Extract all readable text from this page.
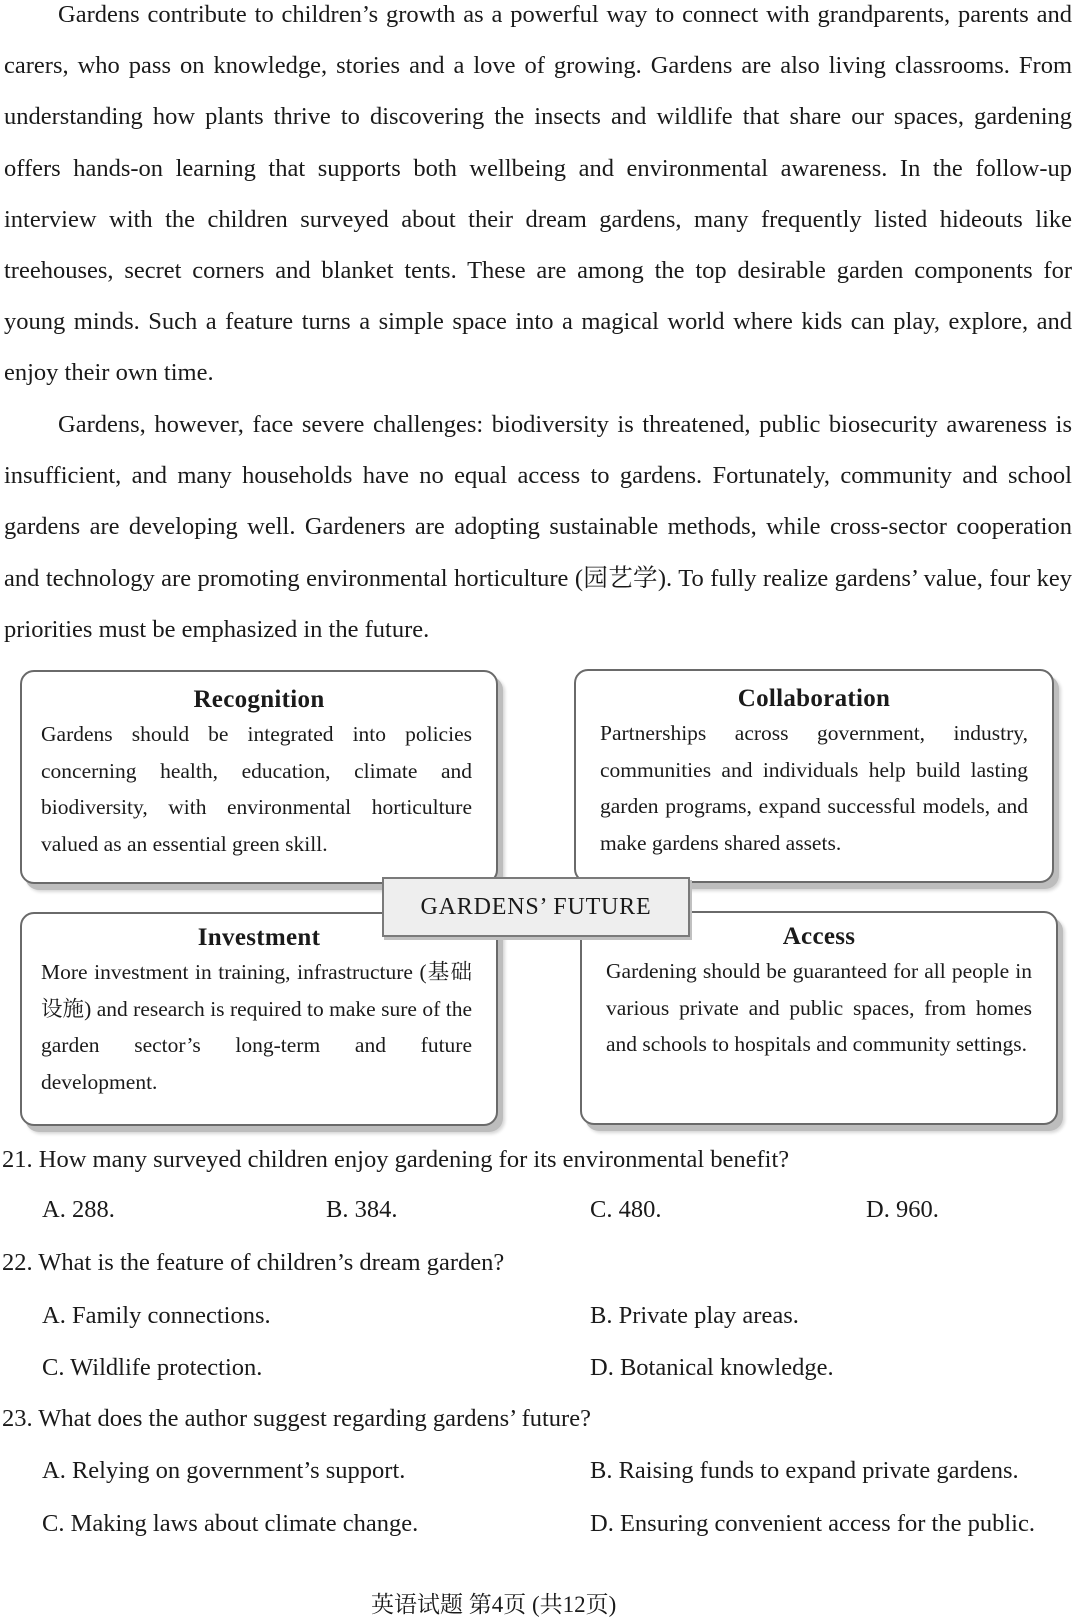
Gardens contribute to children’s growth as a powerful way to connect with grandparents, parents and carers, who pass on knowledge, stories and a love of growing. Gardens are also living classrooms. From understanding how plants thrive to discovering the insects and wildlife that share our spaces, gardening offers hands-on learning that supports both wellbeing and environmental awareness. In the follow-up interview with the children surveyed about their dream gardens, many frequently listed hideouts like treehouses, secret corners and blanket tents. These are among the top desirable garden components for young minds. Such a feature turns a simple space into a magical world where kids can play, explore, and enjoy their own time.

Gardens, however, face severe challenges: biodiversity is threatened, public biosecurity awareness is insufficient, and many households have no equal access to gardens. Fortunately, community and school gardens are developing well. Gardeners are adopting sustainable methods, while cross-sector cooperation and technology are promoting environmental horticulture (园艺学). To fully realize gardens’ value, four key priorities must be emphasized in the future.

Recognition

Gardens should be integrated into policies concerning health, education, climate and biodiversity, with environmental horticulture valued as an essential green skill.

Collaboration

Partnerships across government, industry, communities and individuals help build lasting garden programs, expand successful models, and make gardens shared assets.

Investment

More investment in training, infrastructure (基础设施) and research is required to make sure of the garden sector’s long-term and future development.

Access

Gardening should be guaranteed for all people in various private and public spaces, from homes and schools to hospitals and community settings.

GARDENS’ FUTURE

21. How many surveyed children enjoy gardening for its environmental benefit?

A. 288.	B. 384.	C. 480.	D. 960.

22. What is the feature of children’s dream garden?

A. Family connections.	B. Private play areas.
C. Wildlife protection.	D. Botanical knowledge.

23. What does the author suggest regarding gardens’ future?

A. Relying on government’s support.	B. Raising funds to expand private gardens.
C. Making laws about climate change.	D. Ensuring convenient access for the public.
英语试题 第4页 (共12页)
